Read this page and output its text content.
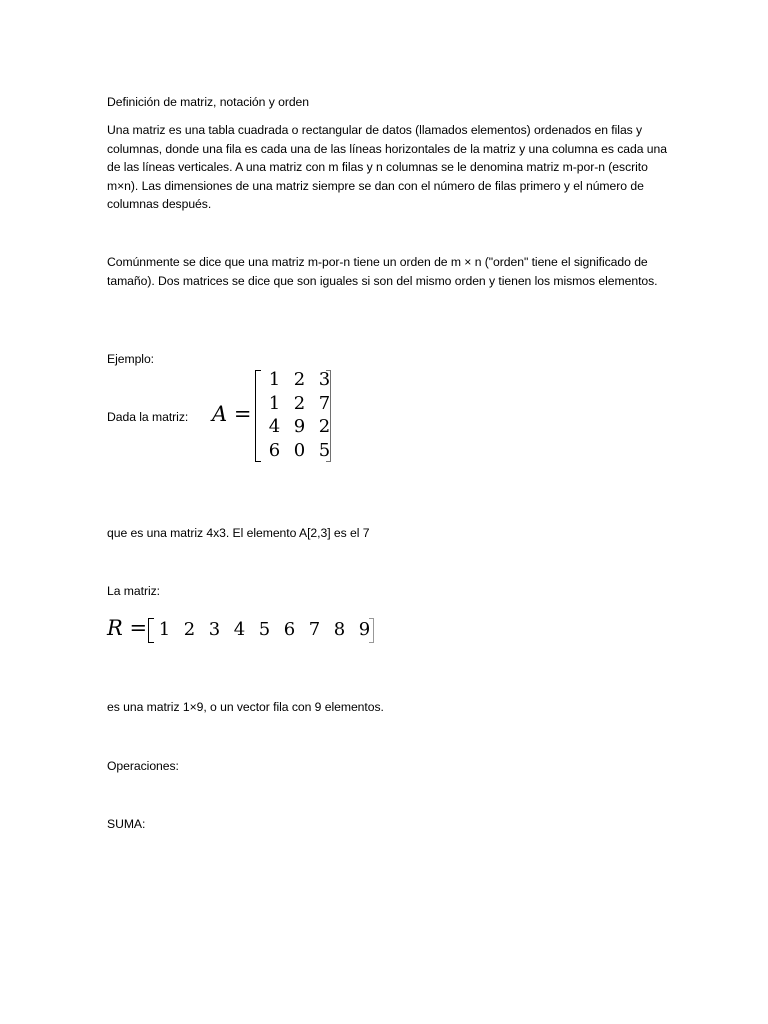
Definición de matriz, notación y orden
Una matriz es una tabla cuadrada o rectangular de datos (llamados elementos) ordenados en filas y columnas, donde una fila es cada una de las líneas horizontales de la matriz y una columna es cada una de las líneas verticales. A una matriz con m filas y n columnas se le denomina matriz m-por-n (escrito m×n). Las dimensiones de una matriz siempre se dan con el número de filas primero y el número de columnas después.
Comúnmente se dice que una matriz m-por-n tiene un orden de m × n ("orden" tiene el significado de tamaño). Dos matrices se dice que son iguales si son del mismo orden y tienen los mismos elementos.
Ejemplo:
Dada la matriz:	A =
1 2 3
1 2 7
4 9 2
6 0 5
que es una matriz 4x3. El elemento A[2,3] es el 7
La matriz:
R = 1 2 3 4 5 6 7 8 9
es una matriz 1×9, o un vector fila con 9 elementos.
Operaciones:
SUMA:
